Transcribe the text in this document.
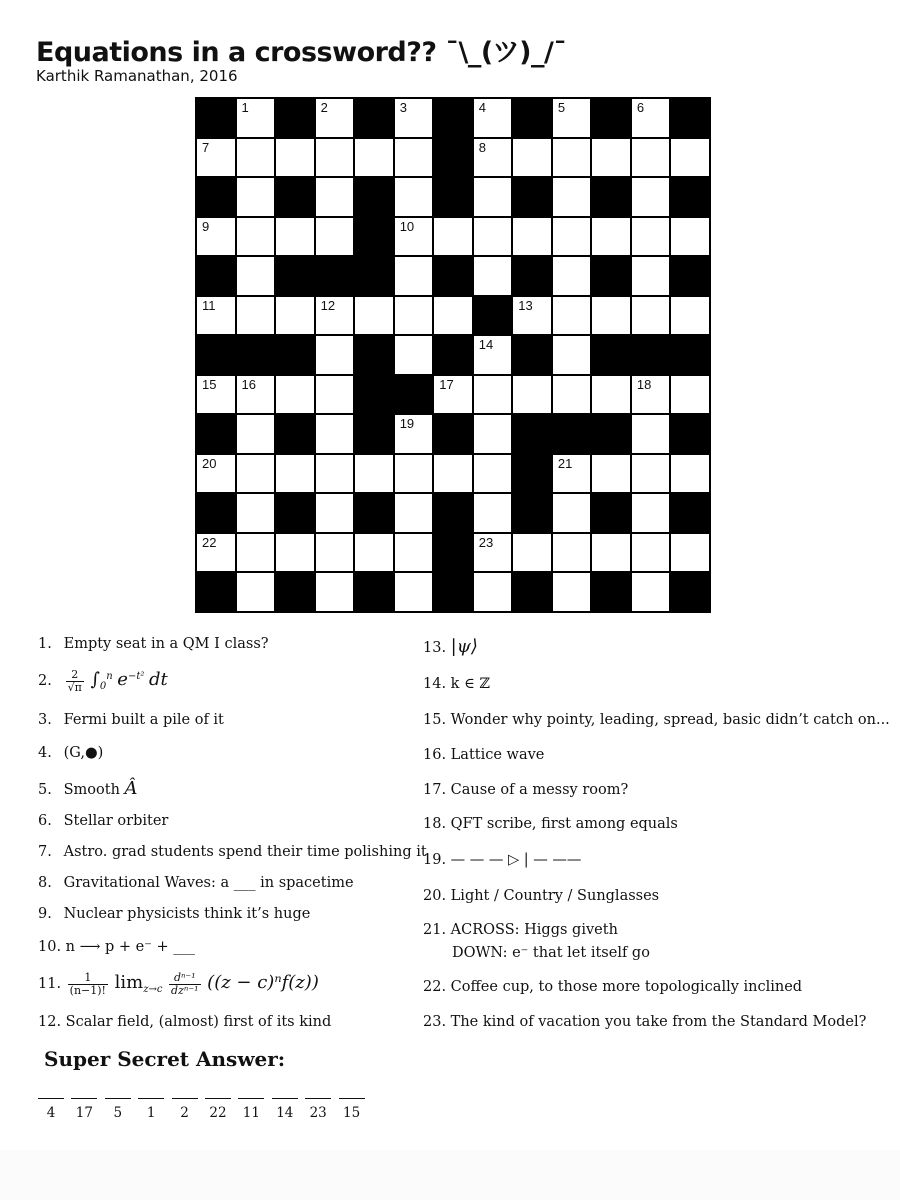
Equations in a crossword?? ¯\_(ツ)_/¯
Karthik Ramanathan, 2016
1	2	3	4	5	6
7	8
9	10
11	12	13
14
15 16	17	18
19
20	21
22	23
1. Empty seat in a QM I class?
2. $\frac{2}{√\pi} \int_0^n$ $e^{-t^2}$ dt
3. Fermi built a pile of it
4. (G,●)
5. Smooth Â
6. Stellar orbiter
7. Astro. grad students spend their time polishing it
8. Gravitational Waves: a ___ in spacetime
9. Nuclear physicists think it’s huge
10. n ⟶ p + e⁻ + ___
11. $\frac{1}{(n-1)!} \lim_{z\to c} \frac{\text{dⁿ⁻¹}}{\text{dzⁿ⁻¹}} ((z - c)^nf(z))$
12. Scalar field, (almost) first of its kind
13. |ψ⟩
14. k ∈ ℤ
15. Wonder why pointy, leading, spread, basic didn’t catch on...
16. Lattice wave
17. Cause of a messy room?
18. QFT scribe, first among equals
19. — — — ▷ | — ——
20. Light / Country / Sunglasses
21. ACROSS: Higgs giveth
DOWN: e⁻ that let itself go
22. Coffee cup, to those more topologically inclined
23. The kind of vacation you take from the Standard Model?
Super Secret Answer:
4	17	5	1	2	22	11	14	23	15
